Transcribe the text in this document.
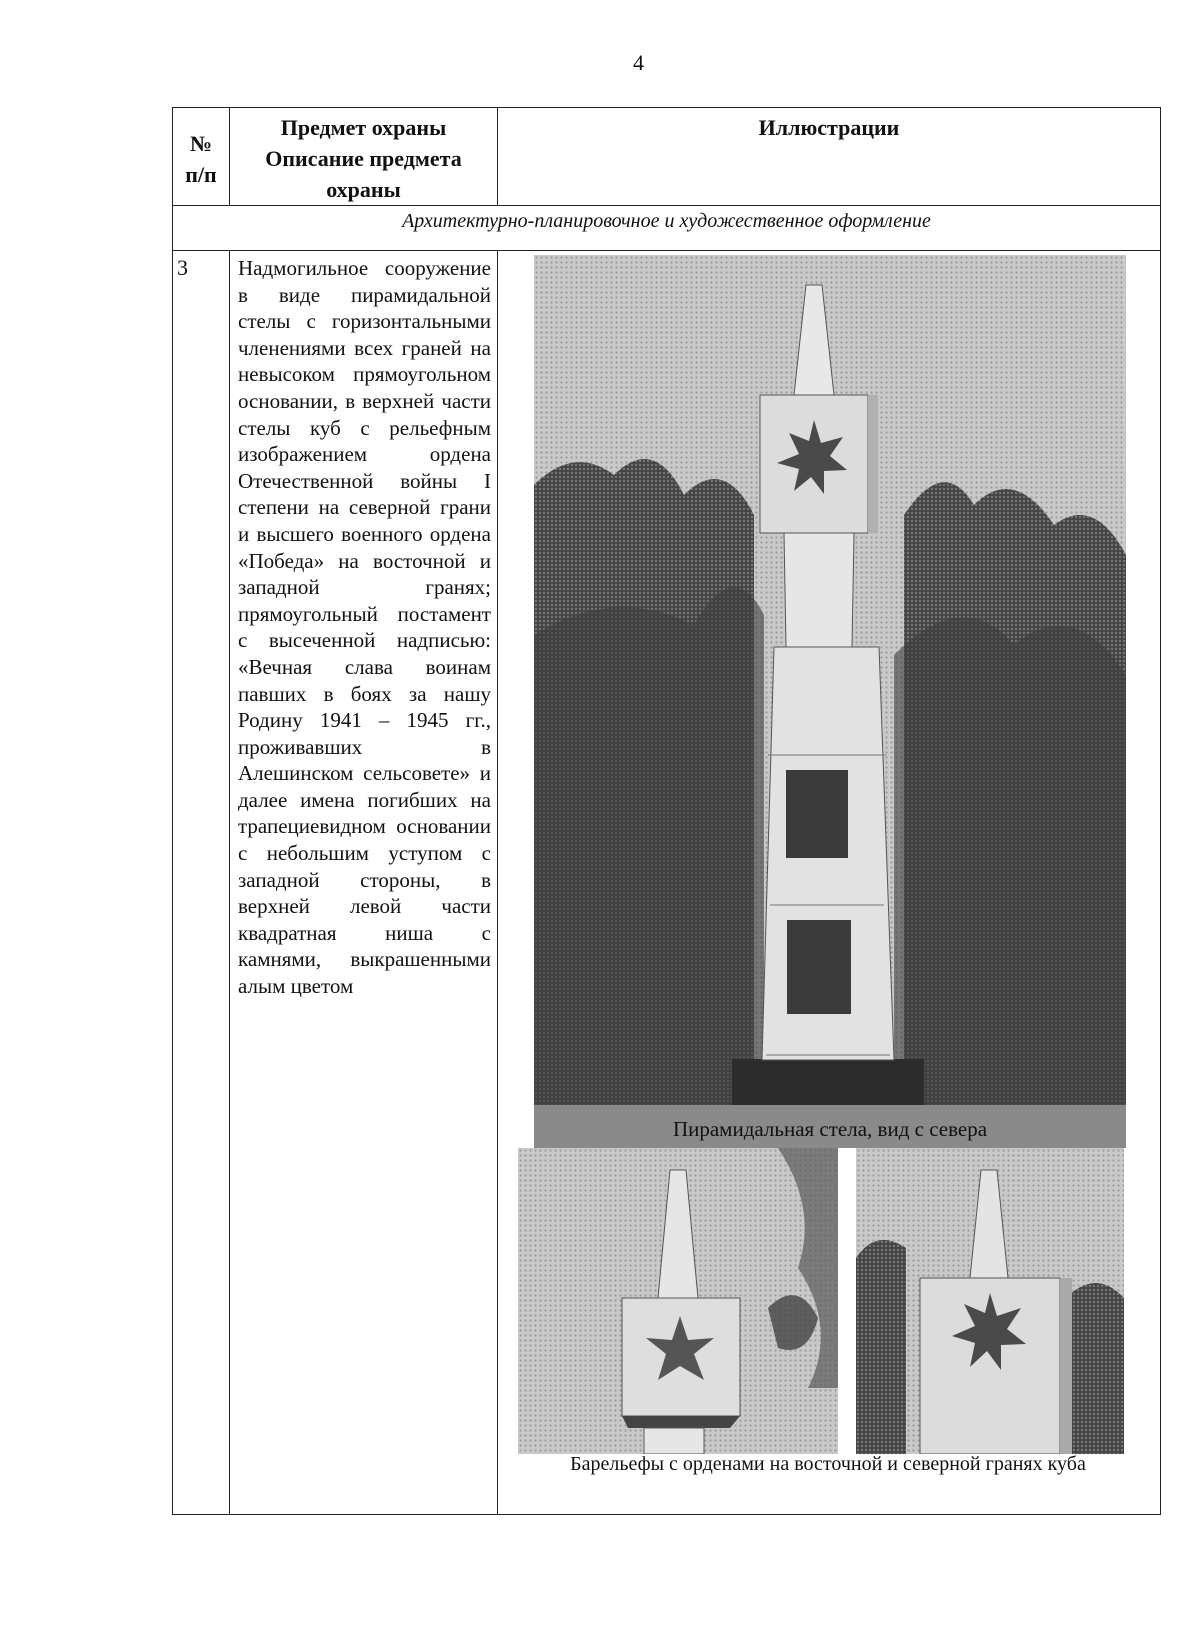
4
№
п/п	Предмет охраны Описание предмета охраны	Иллюстрации

Архитектурно-планировочное и художественное оформление		
3	Надмогильное сооружение в виде пирамидальной стелы с горизонтальными членениями всех граней на невысоком прямоугольном основании, в верхней части стелы куб с рельефным изображением ордена Отечественной войны I степени на северной грани и высшего военного ордена «Победа» на восточной и западной гранях; прямоугольный постамент с высеченной надписью: «Вечная слава воинам павших в боях за нашу Родину 1941 – 1945 гг., проживавших в Алешинском сельсовете» и далее имена погибших на трапециевидном основании с небольшим уступом с западной стороны, в верхней левой части квадратная ниша с камнями, выкрашенными алым цветом	Пирамидальная стела, вид с севера
Барельефы с орденами на восточной и северной гранях куба
